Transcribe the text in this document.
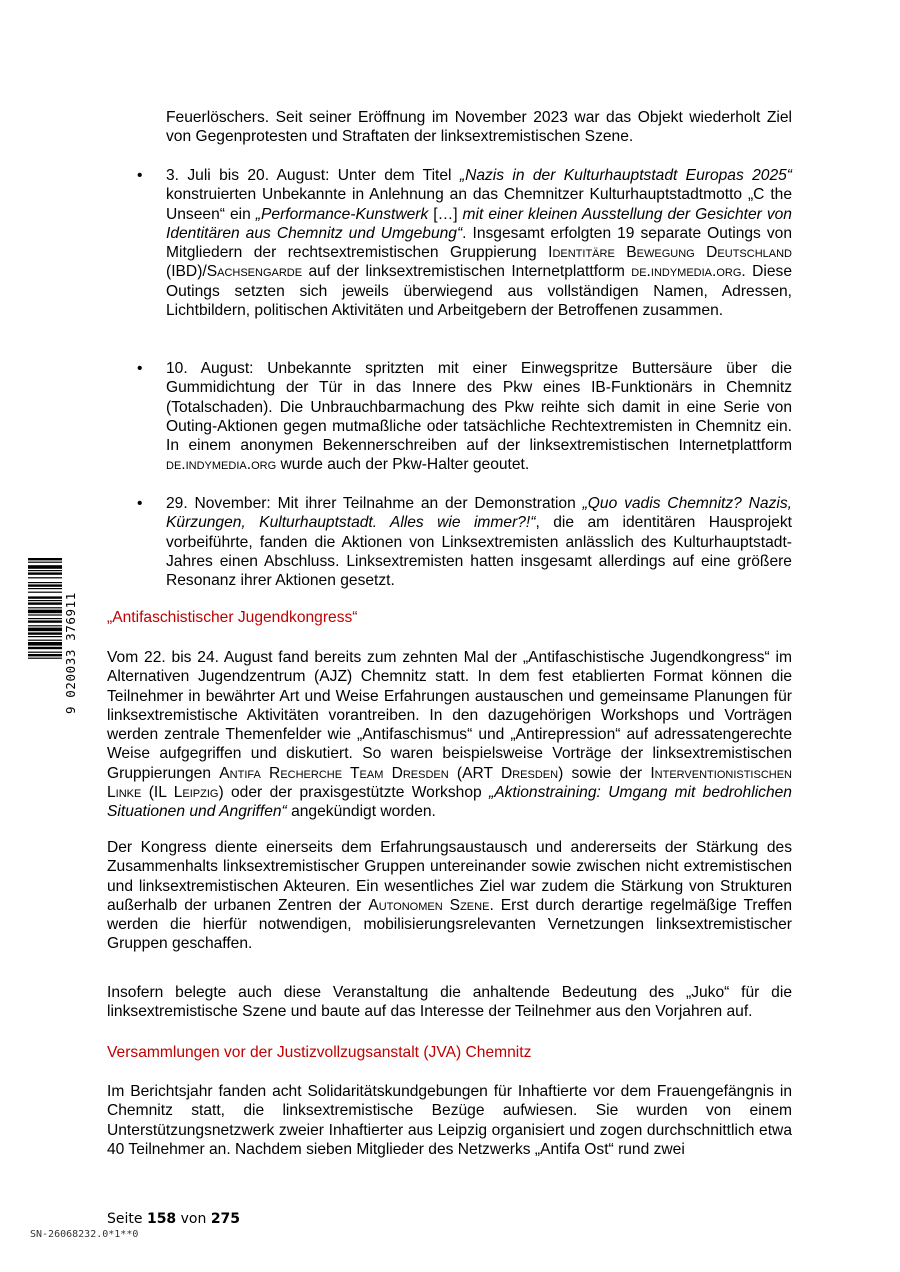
Feuerlöschers. Seit seiner Eröffnung im November 2023 war das Objekt wiederholt Ziel von Gegenprotesten und Straftaten der linksextremistischen Szene.

• 3. Juli bis 20. August: Unter dem Titel „Nazis in der Kulturhauptstadt Europas 2025“ konstruierten Unbekannte in Anlehnung an das Chemnitzer Kulturhauptstadtmotto „C the Unseen“ ein „Performance-Kunstwerk […] mit einer kleinen Ausstellung der Gesichter von Identitären aus Chemnitz und Umgebung“. Insgesamt erfolgten 19 separate Outings von Mitgliedern der rechtsextremistischen Gruppierung Identitäre Bewegung Deutschland (IBD)/Sachsengarde auf der linksextremistischen Internetplattform de.indymedia.org. Diese Outings setzten sich jeweils überwiegend aus vollständigen Namen, Adressen, Lichtbildern, politischen Aktivitäten und Arbeitgebern der Betroffenen zusammen.
• 10. August: Unbekannte spritzten mit einer Einwegspritze Buttersäure über die Gummidichtung der Tür in das Innere des Pkw eines IB-Funktionärs in Chemnitz (Totalschaden). Die Unbrauchbarmachung des Pkw reihte sich damit in eine Serie von Outing-Aktionen gegen mutmaßliche oder tatsächliche Rechtextremisten in Chemnitz ein. In einem anonymen Bekennerschreiben auf der linksextremistischen Internetplattform de.indymedia.org wurde auch der Pkw-Halter geoutet.
• 29. November: Mit ihrer Teilnahme an der Demonstration „Quo vadis Chemnitz? Nazis, Kürzungen, Kulturhauptstadt. Alles wie immer?!“, die am identitären Hausprojekt vorbeiführte, fanden die Aktionen von Linksextremisten anlässlich des Kulturhauptstadt-Jahres einen Abschluss. Linksextremisten hatten insgesamt allerdings auf eine größere Resonanz ihrer Aktionen gesetzt.
„Antifaschistischer Jugendkongress“

Vom 22. bis 24. August fand bereits zum zehnten Mal der „Antifaschistische Jugendkongress“ im Alternativen Jugendzentrum (AJZ) Chemnitz statt. In dem fest etablierten Format können die Teilnehmer in bewährter Art und Weise Erfahrungen austauschen und gemeinsame Planungen für linksextremistische Aktivitäten vorantreiben. In den dazugehörigen Workshops und Vorträgen werden zentrale Themenfelder wie „Antifaschismus“ und „Antirepression“ auf adressatengerechte Weise aufgegriffen und diskutiert. So waren beispielsweise Vorträge der linksextremistischen Gruppierungen Antifa Recherche Team Dresden (ART Dresden) sowie der Interventionistischen Linke (IL Leipzig) oder der praxisgestützte Workshop „Aktionstraining: Umgang mit bedrohlichen Situationen und Angriffen“ angekündigt worden.

Der Kongress diente einerseits dem Erfahrungsaustausch und andererseits der Stärkung des Zusammenhalts linksextremistischer Gruppen untereinander sowie zwischen nicht extremistischen und linksextremistischen Akteuren. Ein wesentliches Ziel war zudem die Stärkung von Strukturen außerhalb der urbanen Zentren der Autonomen Szene. Erst durch derartige regelmäßige Treffen werden die hierfür notwendigen, mobilisierungsrelevanten Vernetzungen linksextremistischer Gruppen geschaffen.

Insofern belegte auch diese Veranstaltung die anhaltende Bedeutung des „Juko“ für die linksextremistische Szene und baute auf das Interesse der Teilnehmer aus den Vorjahren auf.

Versammlungen vor der Justizvollzugsanstalt (JVA) Chemnitz

Im Berichtsjahr fanden acht Solidaritätskundgebungen für Inhaftierte vor dem Frauengefängnis in Chemnitz statt, die linksextremistische Bezüge aufwiesen. Sie wurden von einem Unterstützungsnetzwerk zweier Inhaftierter aus Leipzig organisiert und zogen durchschnittlich etwa 40 Teilnehmer an. Nachdem sieben Mitglieder des Netzwerks „Antifa Ost“ rund zwei

Seite 158 von 275
SN-26068232.0*1**0
9 020033 376911
